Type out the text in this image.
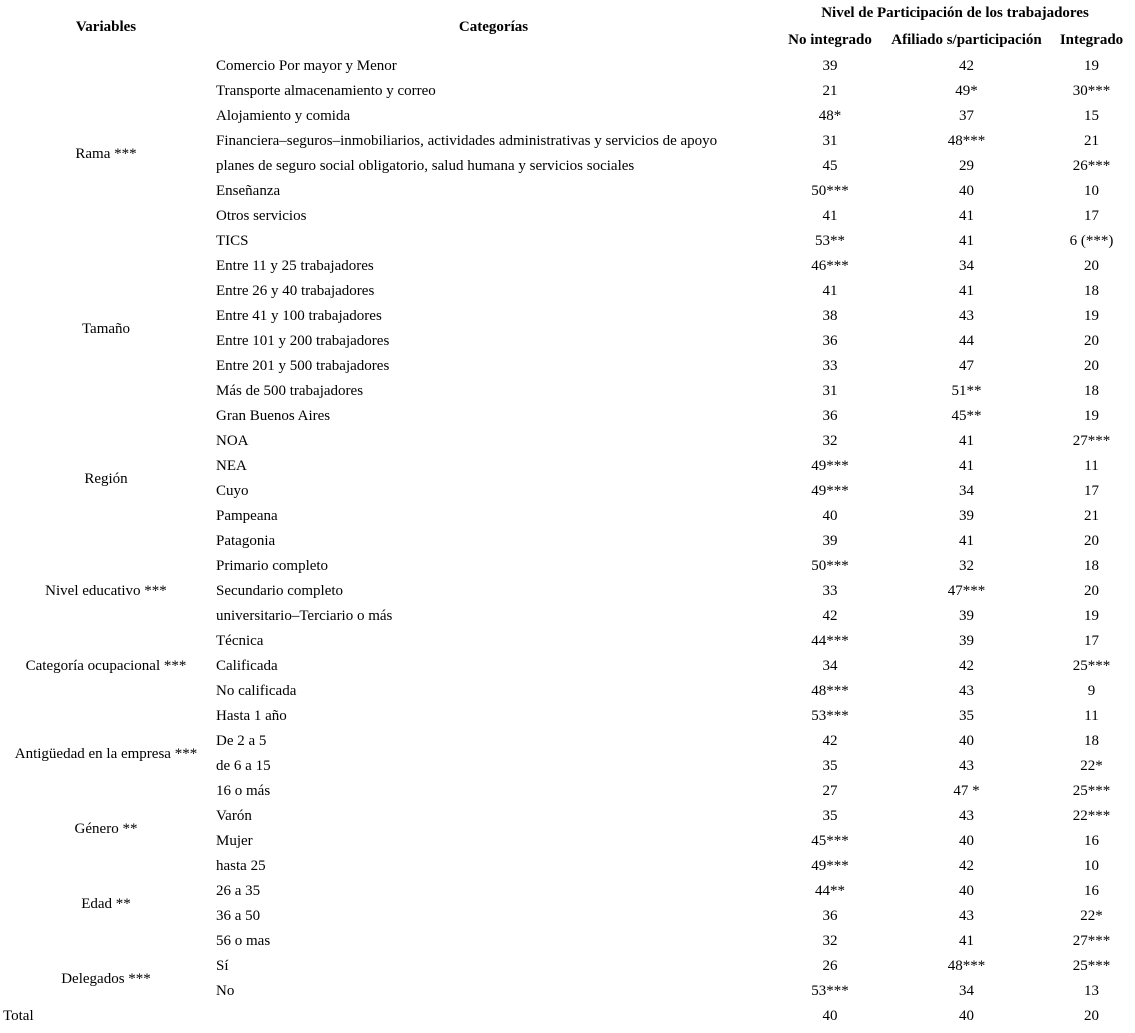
Variables	Categorías	Nivel de Participación de los trabajadores		
		No integrado	Afiliado s/participación	Integrado
Rama ***	Comercio Por mayor y Menor	39	42	19
	Transporte almacenamiento y correo	21	49*	30***
	Alojamiento y comida	48*	37	15
	Financiera–seguros–inmobiliarios, actividades administrativas y servicios de apoyo	31	48***	21
	planes de seguro social obligatorio, salud humana y servicios sociales	45	29	26***
	Enseñanza	50***	40	10
	Otros servicios	41	41	17
	TICS	53**	41	6 (***)
Tamaño	Entre 11 y 25 trabajadores	46***	34	20
	Entre 26 y 40 trabajadores	41	41	18
	Entre 41 y 100 trabajadores	38	43	19
	Entre 101 y 200 trabajadores	36	44	20
	Entre 201 y 500 trabajadores	33	47	20
	Más de 500 trabajadores	31	51**	18
Región	Gran Buenos Aires	36	45**	19
	NOA	32	41	27***
	NEA	49***	41	11
	Cuyo	49***	34	17
	Pampeana	40	39	21
	Patagonia	39	41	20
Nivel educativo ***	Primario completo	50***	32	18
	Secundario completo	33	47***	20
	universitario–Terciario o más	42	39	19
Categoría ocupacional ***	Técnica	44***	39	17
	Calificada	34	42	25***
	No calificada	48***	43	9
Antigüedad en la empresa ***	Hasta 1 año	53***	35	11
	De 2 a 5	42	40	18
	de 6 a 15	35	43	22*
	16 o más	27	47 *	25***
Género **	Varón	35	43	22***
	Mujer	45***	40	16
Edad **	hasta 25	49***	42	10
	26 a 35	44**	40	16
	36 a 50	36	43	22*
	56 o mas	32	41	27***
Delegados ***	Sí	26	48***	25***
	No	53***	34	13
Total		40	40	20
